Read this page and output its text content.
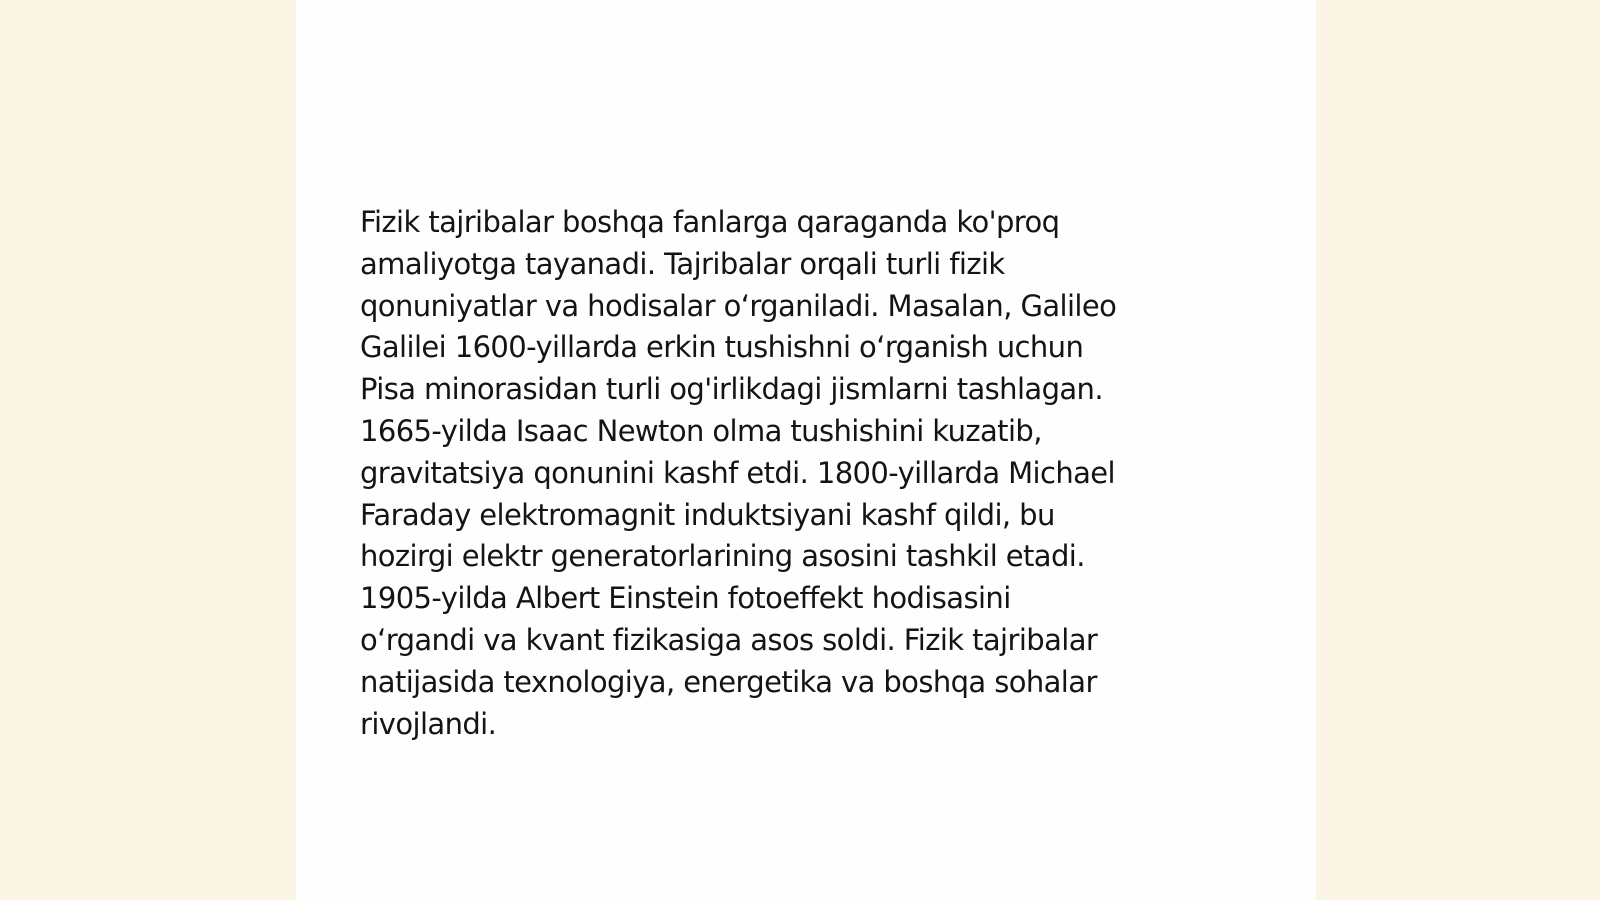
Fizik tajribalar boshqa fanlarga qaraganda ko'proq
amaliyotga tayanadi. Tajribalar orqali turli fizik
qonuniyatlar va hodisalar o‘rganiladi. Masalan, Galileo
Galilei 1600-yillarda erkin tushishni o‘rganish uchun
Pisa minorasidan turli og'irlikdagi jismlarni tashlagan.
1665-yilda Isaac Newton olma tushishini kuzatib,
gravitatsiya qonunini kashf etdi. 1800-yillarda Michael
Faraday elektromagnit induktsiyani kashf qildi, bu
hozirgi elektr generatorlarining asosini tashkil etadi.
1905-yilda Albert Einstein fotoeffekt hodisasini
o‘rgandi va kvant fizikasiga asos soldi. Fizik tajribalar
natijasida texnologiya, energetika va boshqa sohalar
rivojlandi.
